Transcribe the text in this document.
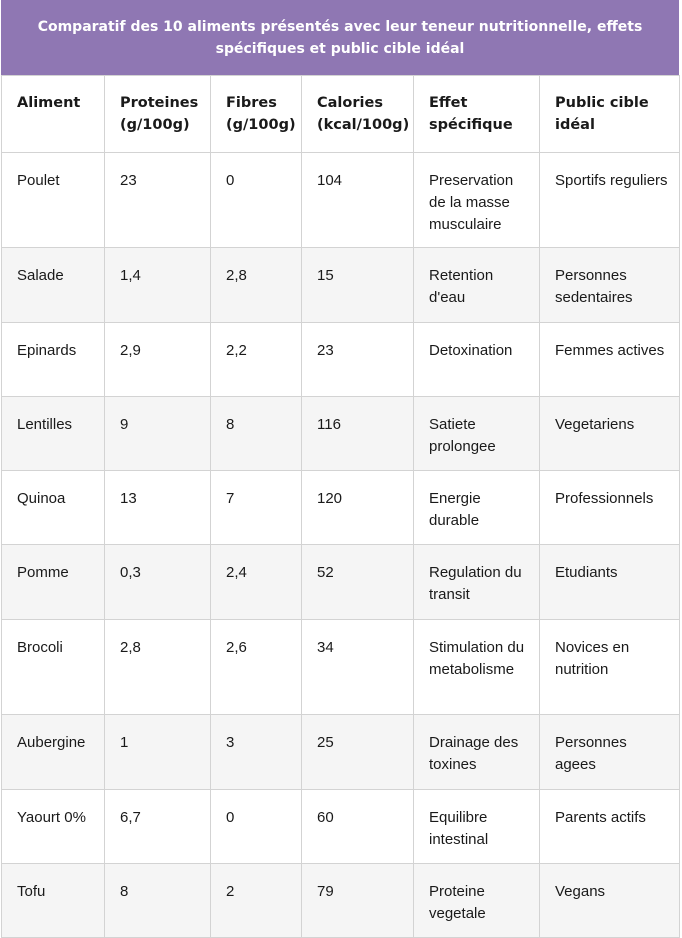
Comparatif des 10 aliments présentés avec leur teneur nutritionnelle, effets spécifiques et public cible idéal
Aliment	Proteines (g/100g)	Fibres (g/100g)	Calories (kcal/100g)	Effet spécifique	Public cible idéal
Poulet	23	0	104	Preservation de la masse musculaire	Sportifs reguliers
Salade	1,4	2,8	15	Retention d'eau	Personnes sedentaires
Epinards	2,9	2,2	23	Detoxination	Femmes actives
Lentilles	9	8	116	Satiete prolongee	Vegetariens
Quinoa	13	7	120	Energie durable	Professionnels
Pomme	0,3	2,4	52	Regulation du transit	Etudiants
Brocoli	2,8	2,6	34	Stimulation du metabolisme	Novices en nutrition
Aubergine	1	3	25	Drainage des toxines	Personnes agees
Yaourt 0%	6,7	0	60	Equilibre intestinal	Parents actifs
Tofu	8	2	79	Proteine vegetale	Vegans
